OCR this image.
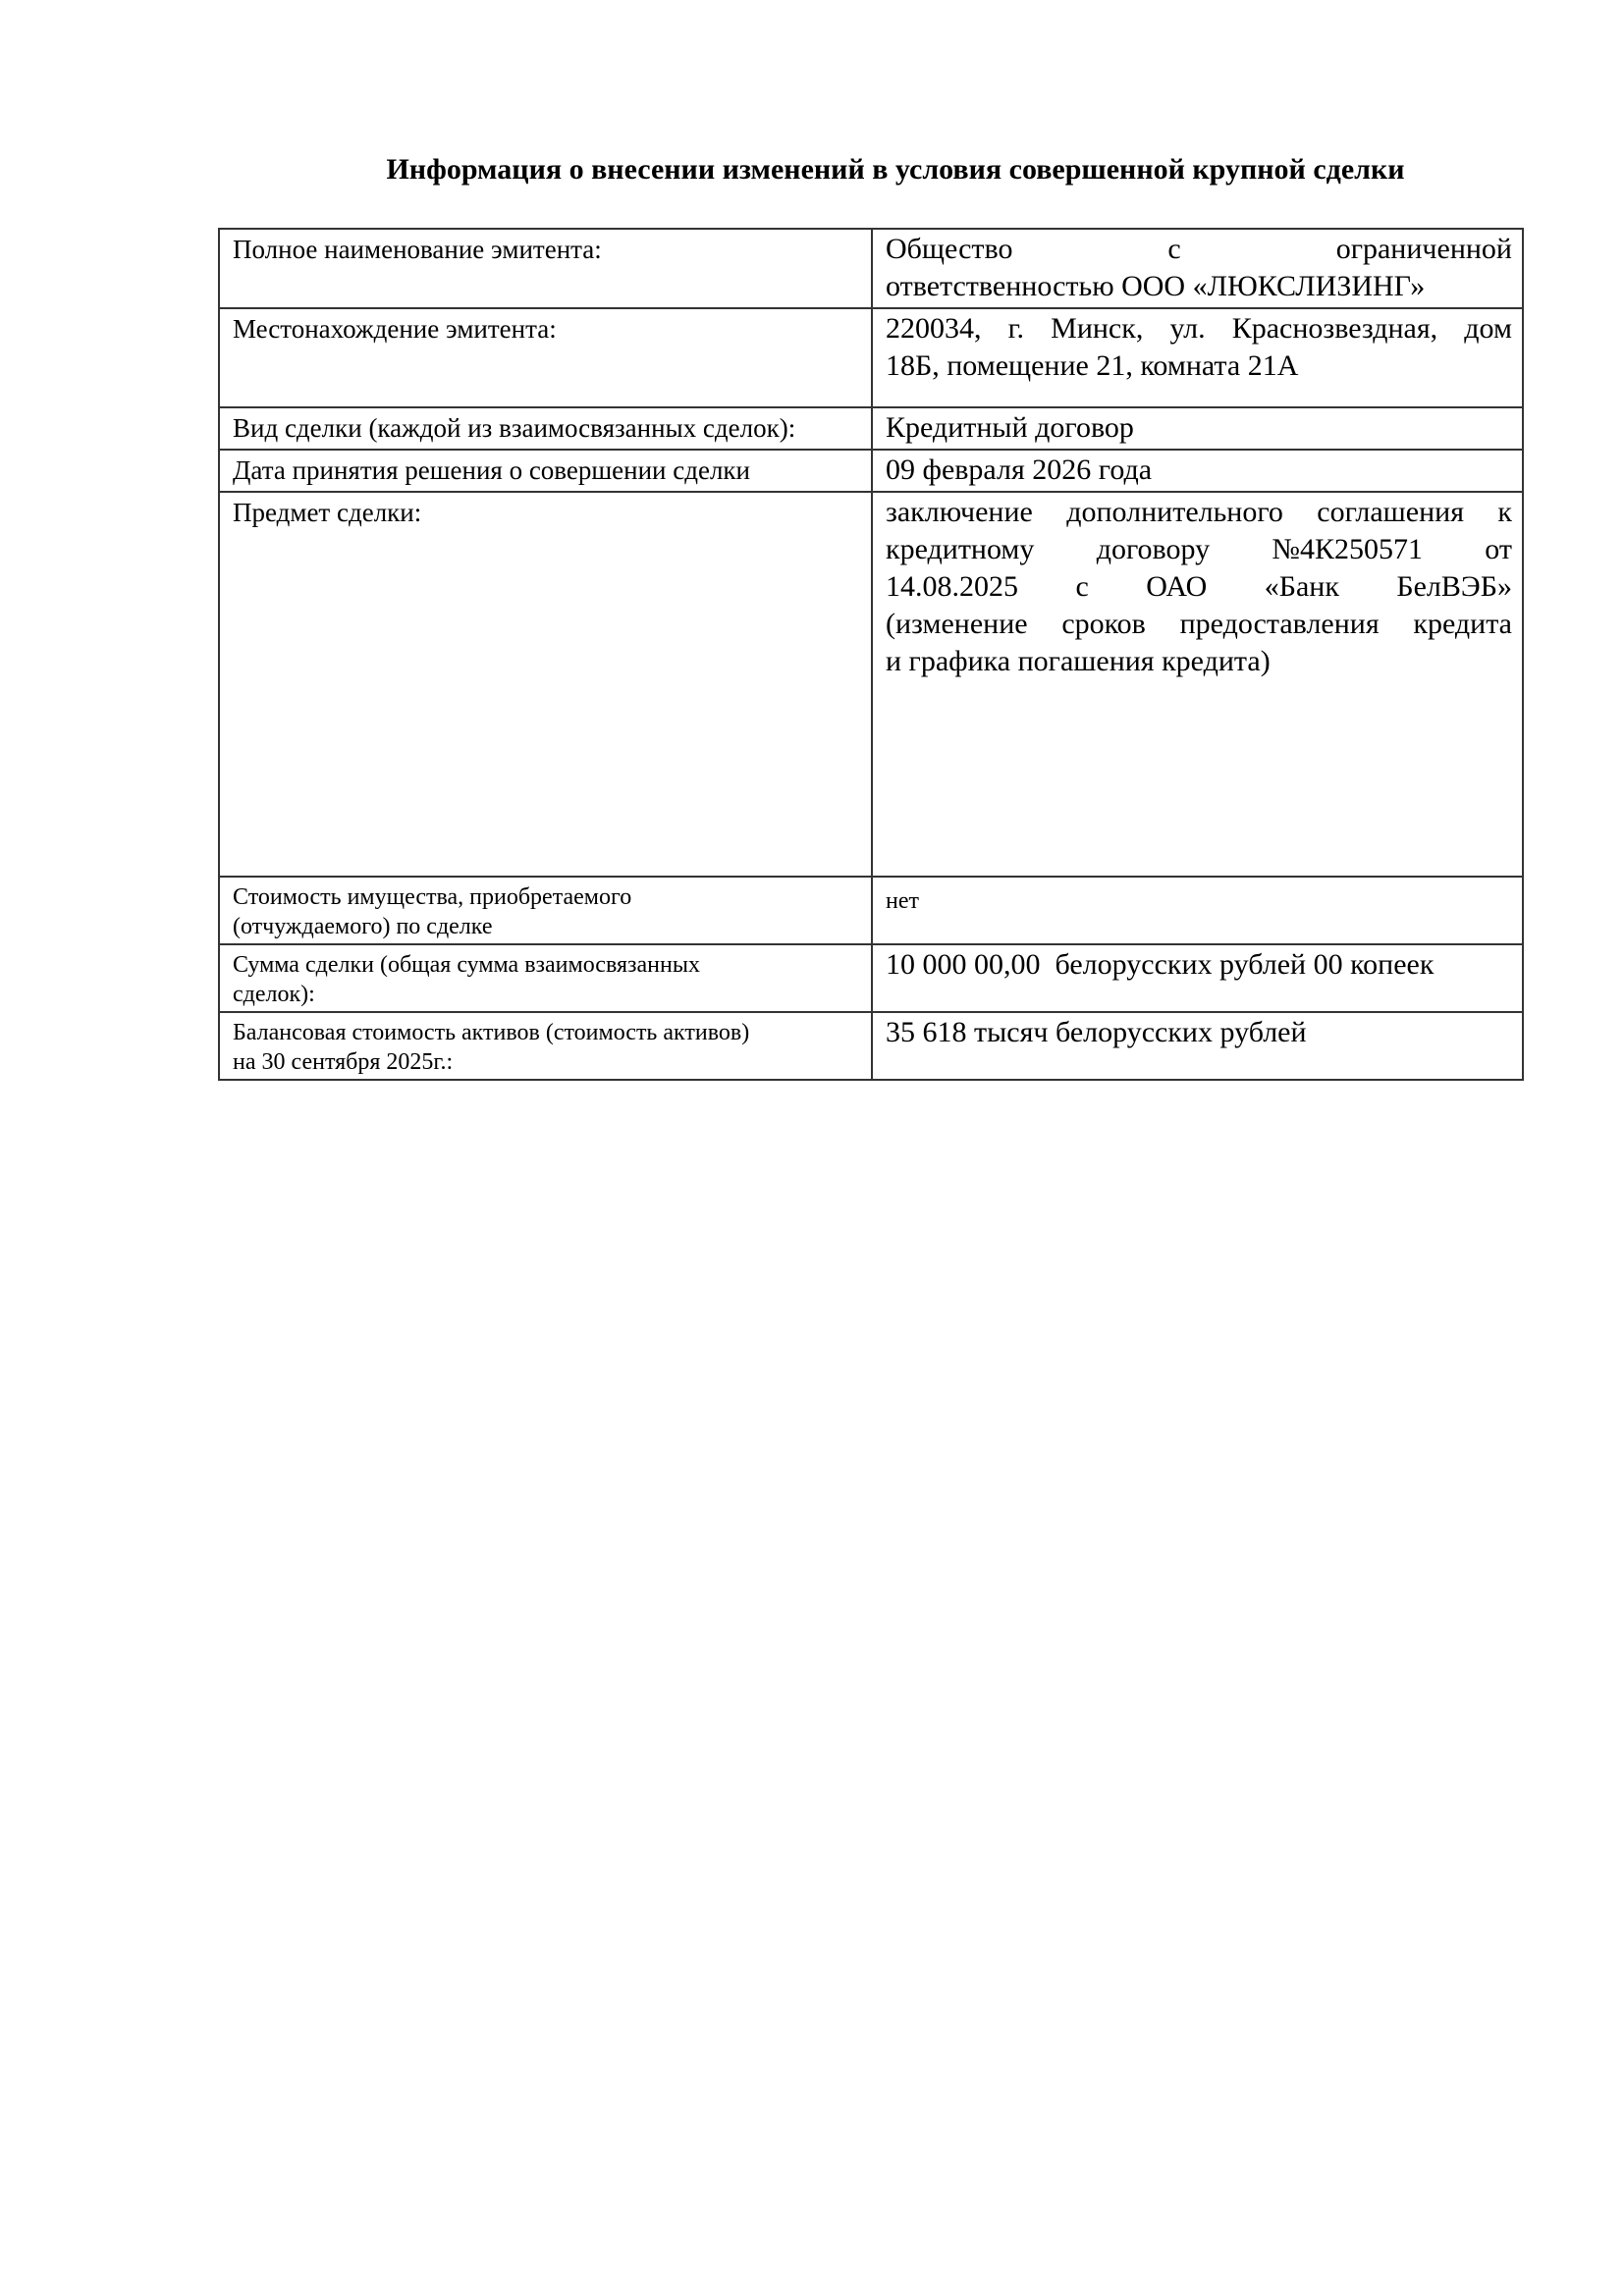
Информация о внесении изменений в условия совершенной крупной сделки
Полное наименование эмитента:	Общество с ограниченной
ответственностью ООО «ЛЮКСЛИЗИНГ»

Местонахождение эмитента:	220034, г. Минск, ул. Краснозвездная, дом
18Б, помещение 21, комната 21А

Вид сделки (каждой из взаимосвязанных сделок):	Кредитный договор

Дата принятия решения о совершении сделки	09 февраля 2026 года

Предмет сделки:	заключение дополнительного соглашения к
кредитному договору №4К250571 от
14.08.2025 с ОАО «Банк БелВЭБ»
(изменение сроков предоставления кредита
и графика погашения кредита)

Стоимость имущества, приобретаемого
(отчуждаемого) по сделке	нет

Сумма сделки (общая сумма взаимосвязанных
сделок):	10 000 00,00  белорусских рублей 00 копеек

Балансовая стоимость активов (стоимость активов)
на 30 сентября 2025г.:	35 618 тысяч белорусских рублей
